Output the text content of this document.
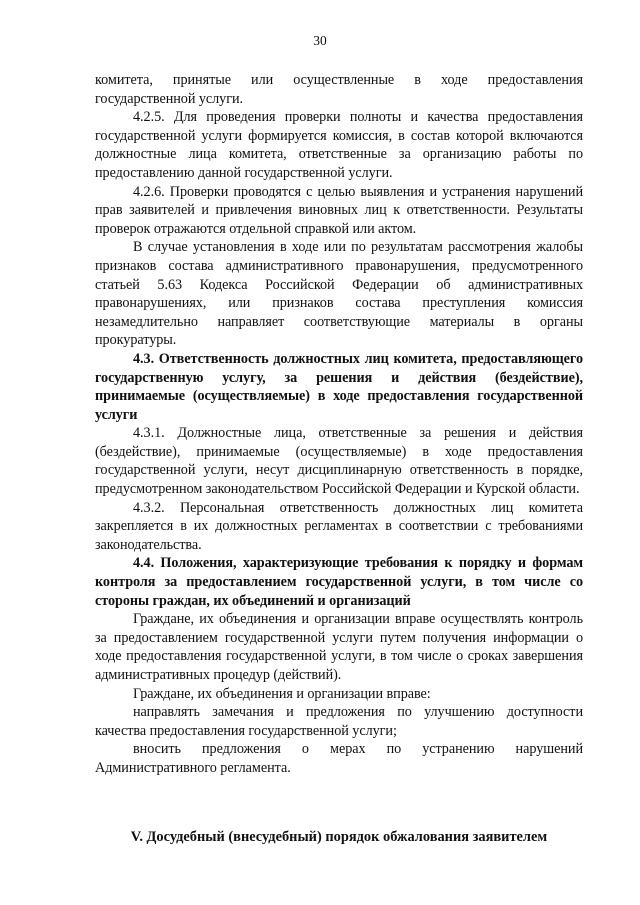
30

комитета, принятые или осуществленные в ходе предоставления государственной услуги.

4.2.5. Для проведения проверки полноты и качества предоставления государственной услуги формируется комиссия, в состав которой включаются должностные лица комитета, ответственные за организацию работы по предоставлению данной государственной услуги.

4.2.6. Проверки проводятся с целью выявления и устранения нарушений прав заявителей и привлечения виновных лиц к ответственности. Результаты проверок отражаются отдельной справкой или актом.

В случае установления в ходе или по результатам рассмотрения жалобы признаков состава административного правонарушения, предусмотренного статьей 5.63 Кодекса Российской Федерации об административных правонарушениях, или признаков состава преступления комиссия незамедлительно направляет соответствующие материалы в органы прокуратуры.

4.3. Ответственность должностных лиц комитета, предоставляющего государственную услугу, за решения и действия (бездействие), принимаемые (осуществляемые) в ходе предоставления государственной услуги

4.3.1. Должностные лица, ответственные за решения и действия (бездействие), принимаемые (осуществляемые) в ходе предоставления государственной услуги, несут дисциплинарную ответственность в порядке, предусмотренном законодательством Российской Федерации и Курской области.

4.3.2. Персональная ответственность должностных лиц комитета закрепляется в их должностных регламентах в соответствии с требованиями законодательства.

4.4. Положения, характеризующие требования к порядку и формам контроля за предоставлением государственной услуги, в том числе со стороны граждан, их объединений и организаций

Граждане, их объединения и организации вправе осуществлять контроль за предоставлением государственной услуги путем получения информации о ходе предоставления государственной услуги, в том числе о сроках завершения административных процедур (действий).

Граждане, их объединения и организации вправе:

направлять замечания и предложения по улучшению доступности качества предоставления государственной услуги;

вносить предложения о мерах по устранению нарушений Административного регламента.

V. Досудебный (внесудебный) порядок обжалования заявителем
